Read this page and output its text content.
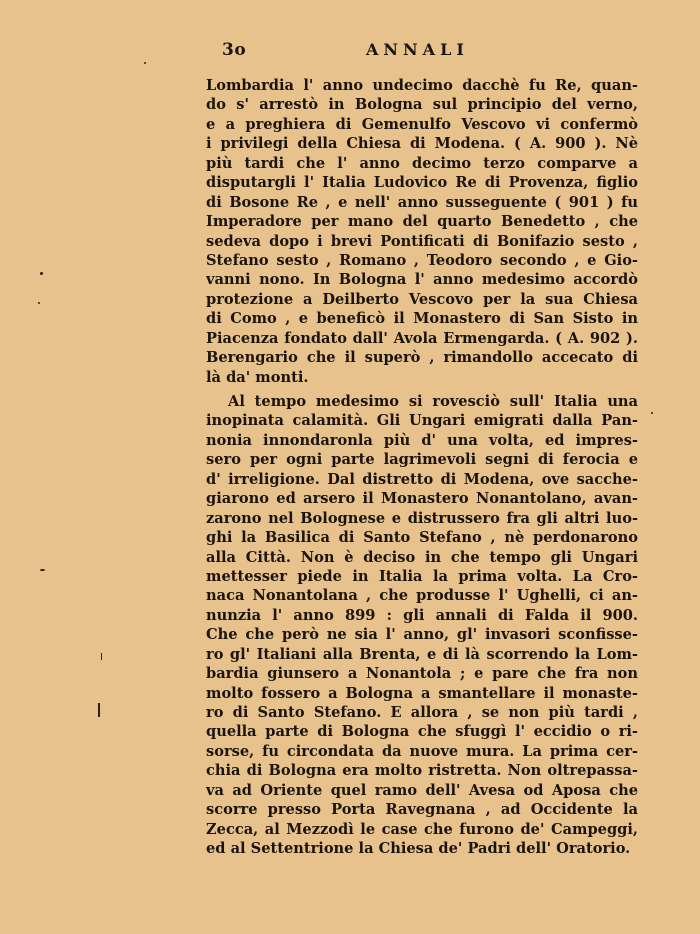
3o	ANNALI
Lombardia l' anno undecimo dacchè fu Re, quan-
do s' arrestò in Bologna sul principio del verno,
e a preghiera di Gemenulfo Vescovo vi confermò
i privilegi della Chiesa di Modena. ( A. 900 ). Nè
più tardi che l' anno decimo terzo comparve a
disputargli l' Italia Ludovico Re di Provenza, figlio
di Bosone Re , e nell' anno susseguente ( 901 ) fu
Imperadore per mano del quarto Benedetto , che
sedeva dopo i brevi Pontificati di Bonifazio sesto ,
Stefano sesto , Romano , Teodoro secondo , e Gio-
vanni nono. In Bologna l' anno medesimo accordò
protezione a Deilberto Vescovo per la sua Chiesa
di Como , e beneficò il Monastero di San Sisto in
Piacenza fondato dall' Avola Ermengarda. ( A. 902 ).
Berengario che il superò , rimandollo accecato di
là da' monti.
Al tempo medesimo si rovesciò sull' Italia una
inopinata calamità. Gli Ungari emigrati dalla Pan-
nonia innondaronla più d' una volta, ed impres-
sero per ogni parte lagrimevoli segni di ferocia e
d' irreligione. Dal distretto di Modena, ove sacche-
giarono ed arsero il Monastero Nonantolano, avan-
zarono nel Bolognese e distrussero fra gli altri luo-
ghi la Basilica di Santo Stefano , nè perdonarono
alla Città. Non è deciso in che tempo gli Ungari
mettesser piede in Italia la prima volta. La Cro-
naca Nonantolana , che produsse l' Ughelli, ci an-
nunzia l' anno 899 : gli annali di Falda il 900.
Che che però ne sia l' anno, gl' invasori sconfisse-
ro gl' Italiani alla Brenta, e di là scorrendo la Lom-
bardia giunsero a Nonantola ; e pare che fra non
molto fossero a Bologna a smantellare il monaste-
ro di Santo Stefano. E allora , se non più tardi ,
quella parte di Bologna che sfuggì l' eccidio o ri-
sorse, fu circondata da nuove mura. La prima cer-
chia di Bologna era molto ristretta. Non oltrepassa-
va ad Oriente quel ramo dell' Avesa od Aposa che
scorre presso Porta Ravegnana , ad Occidente la
Zecca, al Mezzodì le case che furono de' Campeggi,
ed al Settentrione la Chiesa de' Padri dell' Oratorio.
